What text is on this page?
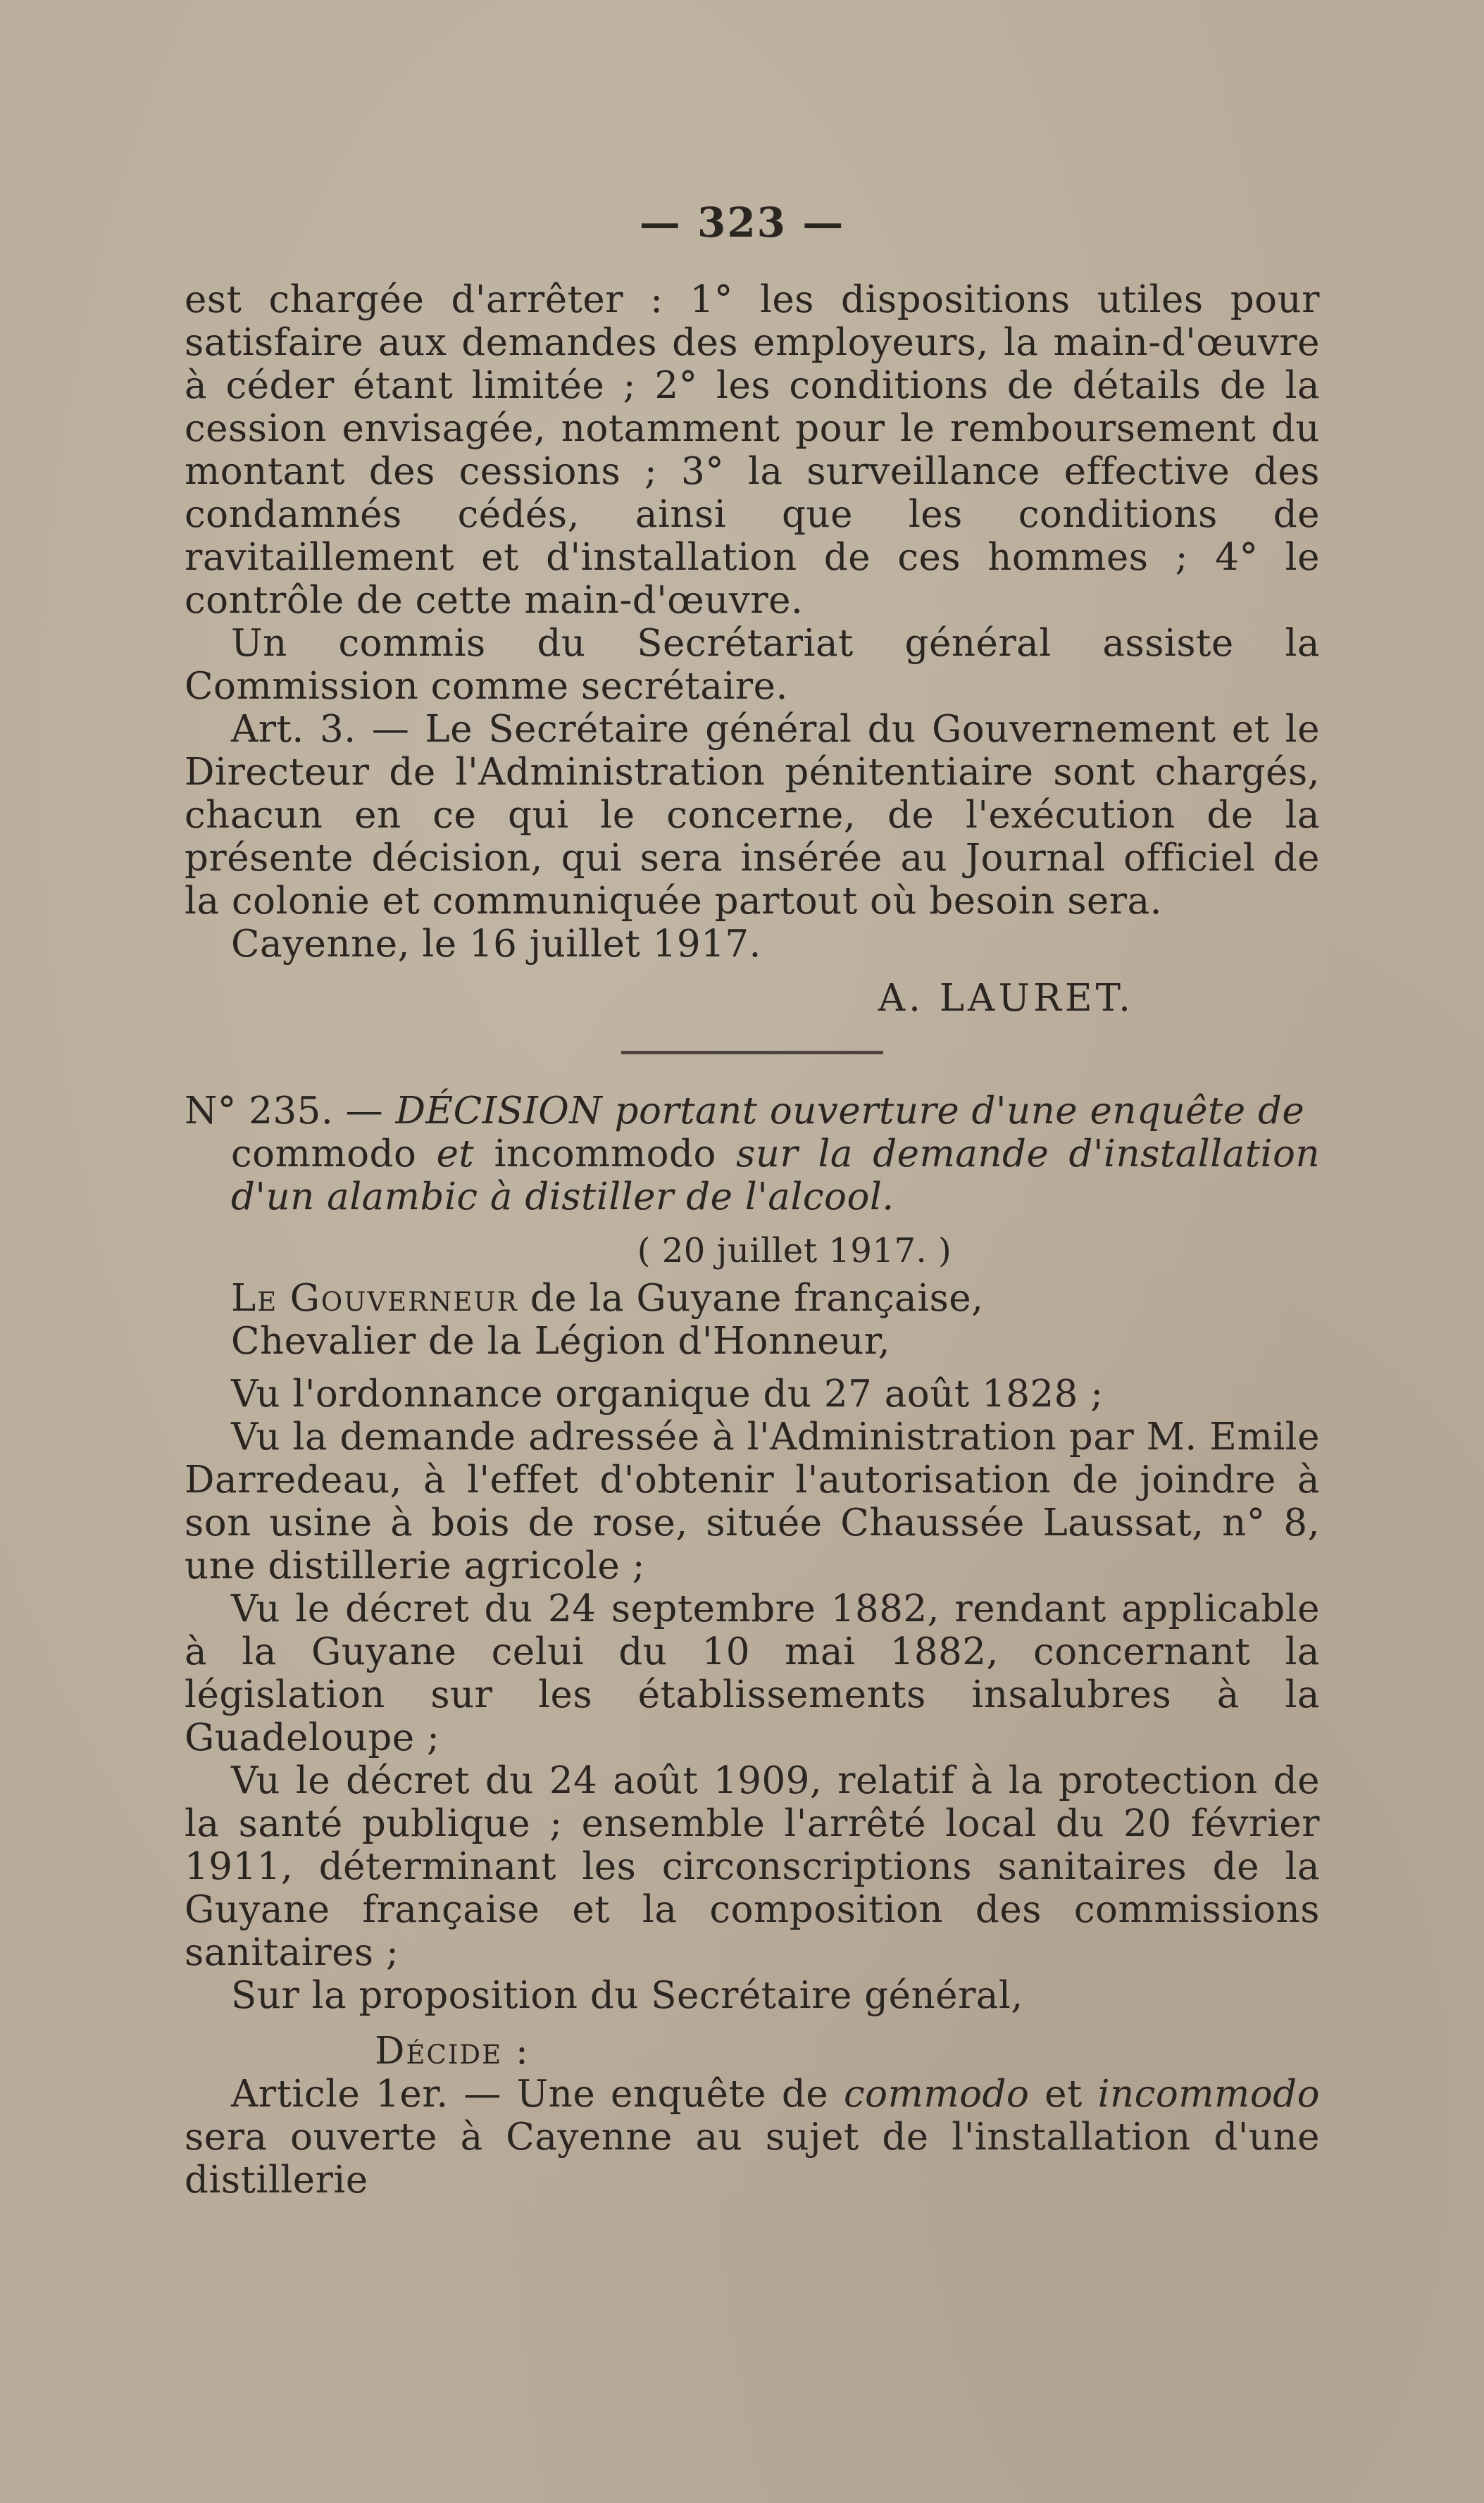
— 323 —

est chargée d'arrêter : 1° les dispositions utiles pour satisfaire aux demandes des employeurs, la main-d'œuvre à céder étant limitée ; 2° les conditions de détails de la cession envisagée, notamment pour le remboursement du montant des cessions ; 3° la surveillance effective des condamnés cédés, ainsi que les conditions de ravitaillement et d'installation de ces hommes ; 4° le contrôle de cette main-d'œuvre.

Un commis du Secrétariat général assiste la Commission comme secrétaire.

Art. 3. — Le Secrétaire général du Gouvernement et le Directeur de l'Administration pénitentiaire sont chargés, chacun en ce qui le concerne, de l'exécution de la présente décision, qui sera insérée au Journal officiel de la colonie et communiquée partout où besoin sera.

Cayenne, le 16 juillet 1917.

A. LAURET.

N° 235. — DÉCISION portant ouverture d'une enquête de
commodo et incommodo sur la demande d'installation d'un alambic à distiller de l'alcool.

( 20 juillet 1917. )

Le Gouverneur de la Guyane française,

Chevalier de la Légion d'Honneur,

Vu l'ordonnance organique du 27 août 1828 ;

Vu la demande adressée à l'Administration par M. Emile Darredeau, à l'effet d'obtenir l'autorisation de joindre à son usine à bois de rose, située Chaussée Laussat, n° 8, une distillerie agricole ;

Vu le décret du 24 septembre 1882, rendant applicable à la Guyane celui du 10 mai 1882, concernant la législation sur les établissements insalubres à la Guadeloupe ;

Vu le décret du 24 août 1909, relatif à la protection de la santé publique ; ensemble l'arrêté local du 20 février 1911, déterminant les circonscriptions sanitaires de la Guyane française et la composition des commissions sanitaires ;

Sur la proposition du Secrétaire général,

Décide :

Article 1er. — Une enquête de commodo et incommodo sera ouverte à Cayenne au sujet de l'installation d'une distillerie
